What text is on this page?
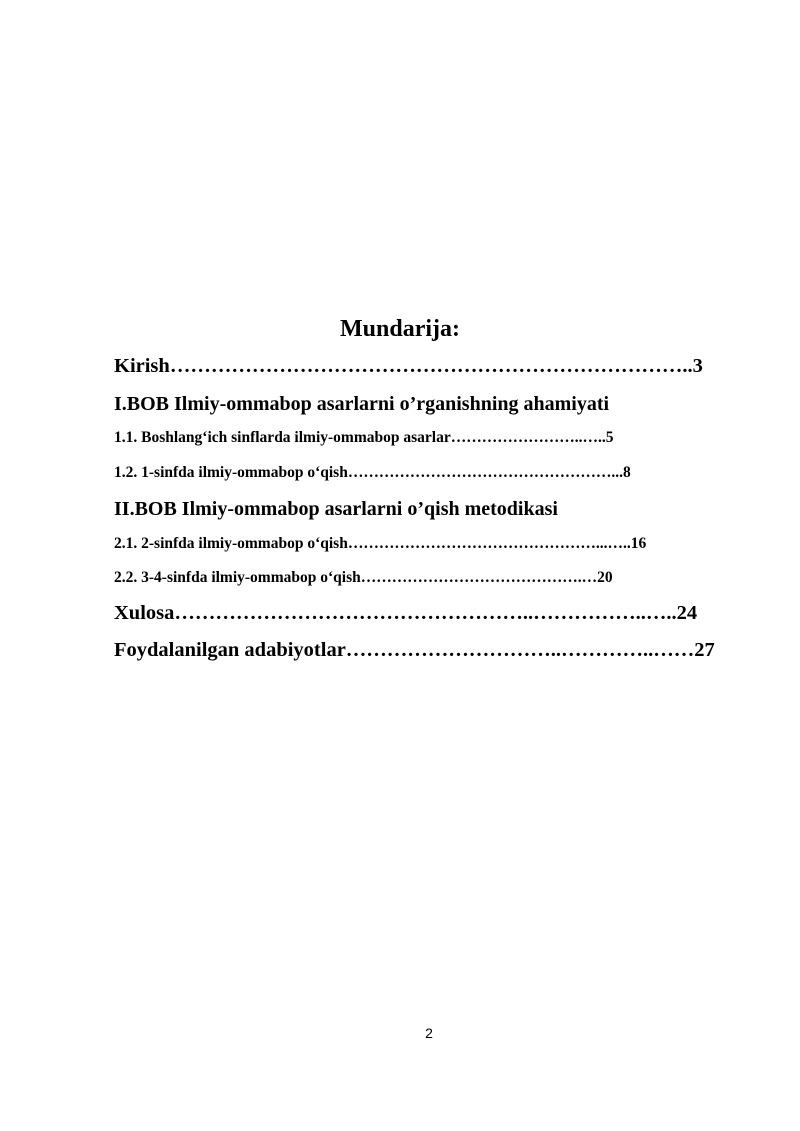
Mundarija:
Kirish…………………………………………………………………..3
I.BOB Ilmiy-ommabop asarlarni o’rganishning ahamiyati
1.1. Boshlang‘ich sinflarda ilmiy-ommabop asarlar……………………..…..5
1.2. 1-sinfda ilmiy-ommabop o‘qish……………………………………………...8
II.BOB Ilmiy-ommabop asarlarni o’qish metodikasi
2.1. 2-sinfda ilmiy-ommabop o‘qish…………………………………………...…..16
2.2. 3-4-sinfda ilmiy-ommabop o‘qish…………………………………….…20
Xulosa……………………………………………..……………..…..24
Foydalanilgan adabiyotlar…………………………..…………..……27
2
